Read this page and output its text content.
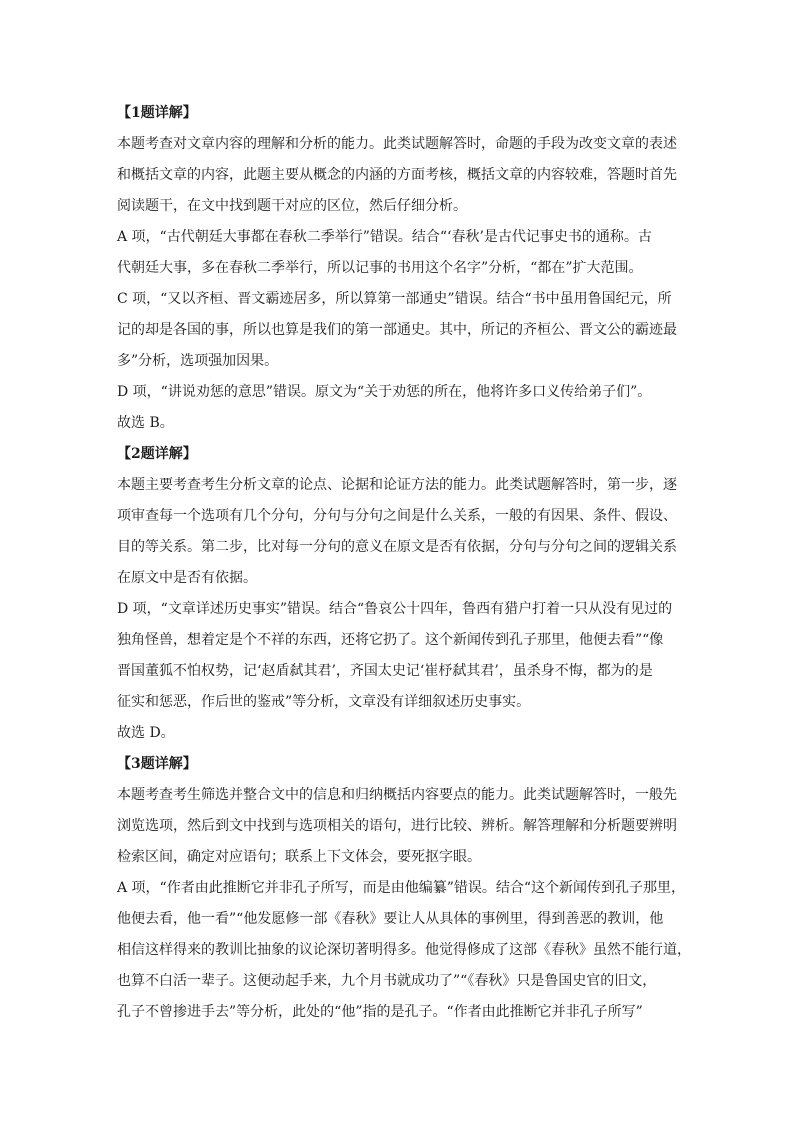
【1题详解】

本题考查对文章内容的理解和分析的能力。此类试题解答时，命题的手段为改变文章的表述

和概括文章的内容，此题主要从概念的内涵的方面考核，概括文章的内容较难，答题时首先

阅读题干，在文中找到题干对应的区位，然后仔细分析。

A 项，“古代朝廷大事都在春秋二季举行”错误。结合“‘春秋’是古代记事史书的通称。古

代朝廷大事，多在春秋二季举行，所以记事的书用这个名字”分析，“都在”扩大范围。

C 项，“又以齐桓、晋文霸迹居多，所以算第一部通史”错误。结合“书中虽用鲁国纪元，所

记的却是各国的事，所以也算是我们的第一部通史。其中，所记的齐桓公、晋文公的霸迹最

多”分析，选项强加因果。

D 项，“讲说劝惩的意思”错误。原文为“关于劝惩的所在，他将许多口义传给弟子们”。

故选 B。

【2题详解】

本题主要考查考生分析文章的论点、论据和论证方法的能力。此类试题解答时，第一步，逐

项审查每一个选项有几个分句，分句与分句之间是什么关系，一般的有因果、条件、假设、

目的等关系。第二步，比对每一分句的意义在原文是否有依据，分句与分句之间的逻辑关系

在原文中是否有依据。

D 项，“文章详述历史事实”错误。结合“鲁哀公十四年，鲁西有猎户打着一只从没有见过的

独角怪兽，想着定是个不祥的东西，还将它扔了。这个新闻传到孔子那里，他便去看”“像

晋国董狐不怕权势，记‘赵盾弑其君’，齐国太史记‘崔杼弑其君’，虽杀身不悔，都为的是

征实和惩恶，作后世的鉴戒”等分析，文章没有详细叙述历史事实。

故选 D。

【3题详解】

本题考查考生筛选并整合文中的信息和归纳概括内容要点的能力。此类试题解答时，一般先

浏览选项，然后到文中找到与选项相关的语句，进行比较、辨析。解答理解和分析题要辨明

检索区间，确定对应语句；联系上下文体会，要死抠字眼。

A 项，“作者由此推断它并非孔子所写，而是由他编纂”错误。结合“这个新闻传到孔子那里，

他便去看，他一看”“他发愿修一部《春秋》要让人从具体的事例里，得到善恶的教训，他

相信这样得来的教训比抽象的议论深切著明得多。他觉得修成了这部《春秋》虽然不能行道，

也算不白活一辈子。这便动起手来，九个月书就成功了”“《春秋》只是鲁国史官的旧文，

孔子不曾掺进手去”等分析，此处的“他”指的是孔子。“作者由此推断它并非孔子所写”
